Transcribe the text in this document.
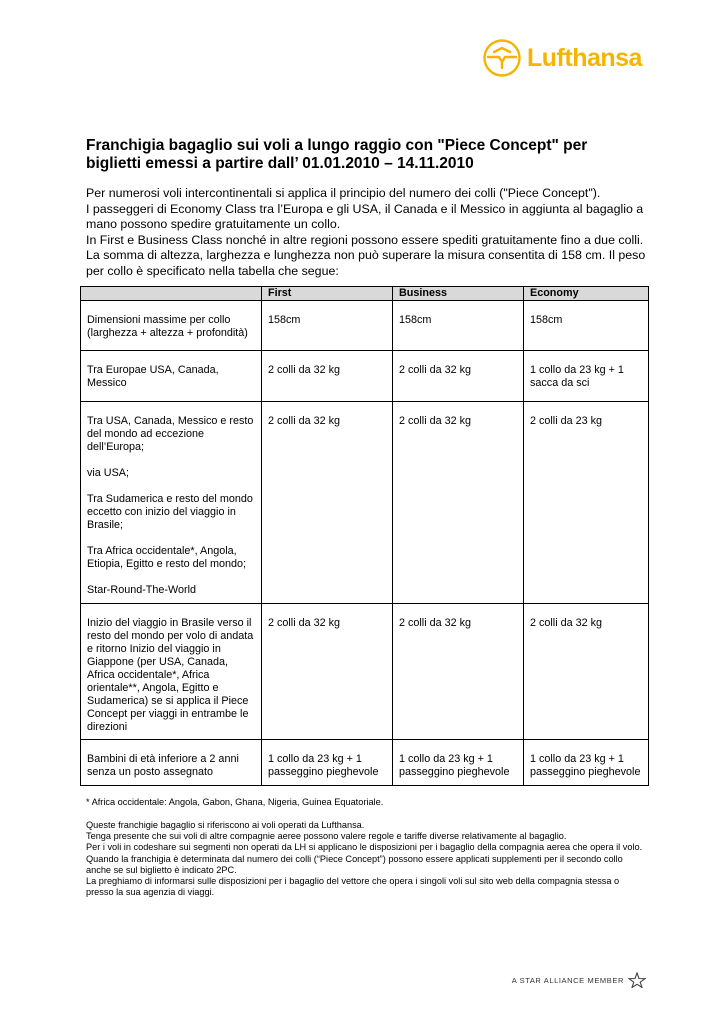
Lufthansa
Franchigia bagaglio sui voli a lungo raggio con "Piece Concept" per biglietti emessi a partire dall’ 01.01.2010 – 14.11.2010

Per numerosi voli intercontinentali si applica il principio del numero dei colli ("Piece Concept").

I passeggeri di Economy Class tra l’Europa e gli USA, il Canada e il Messico in aggiunta al bagaglio a mano possono spedire gratuitamente un collo.

In First e Business Class nonché in altre regioni possono essere spediti gratuitamente fino a due colli. La somma di altezza, larghezza e lunghezza non può superare la misura consentita di 158 cm. Il peso per collo è specificato nella tabella che segue:

	First	Business	Economy

Dimensioni massime per collo (larghezza + altezza + profondità)	158cm	158cm	158cm

Tra Europae USA, Canada, Messico	2 colli da 32 kg	2 colli da 32 kg	1 collo da 23 kg + 1 sacca da sci

Tra USA, Canada, Messico e resto del mondo ad eccezione dell’Europa;
via USA;
Tra Sudamerica e resto del mondo eccetto con inizio del viaggio in Brasile;
Tra Africa occidentale*, Angola, Etiopia, Egitto e resto del mondo;
Star-Round-The-World	2 colli da 32 kg	2 colli da 32 kg	2 colli da 23 kg

Inizio del viaggio in Brasile verso il resto del mondo per volo di andata e ritorno Inizio del viaggio in Giappone (per USA, Canada, Africa occidentale*, Africa orientale**, Angola, Egitto e Sudamerica) se si applica il Piece Concept per viaggi in entrambe le direzioni	2 colli da 32 kg	2 colli da 32 kg	2 colli da 32 kg

Bambini di età inferiore a 2 anni senza un posto assegnato	1 collo da 23 kg + 1 passeggino pieghevole	1 collo da 23 kg + 1 passeggino pieghevole	1 collo da 23 kg + 1 passeggino pieghevole
* Africa occidentale: Angola, Gabon, Ghana, Nigeria, Guinea Equatoriale.

Queste franchigie bagaglio si riferiscono ai voli operati da Lufthansa.

Tenga presente che sui voli di altre compagnie aeree possono valere regole e tariffe diverse relativamente al bagaglio.

Per i voli in codeshare sui segmenti non operati da LH si applicano le disposizioni per i bagaglio della compagnia aerea che opera il volo.

Quando la franchigia è determinata dal numero dei colli (“Piece Concept”) possono essere applicati supplementi per il secondo collo anche se sul biglietto è indicato 2PC.

La preghiamo di informarsi sulle disposizioni per i bagaglio del vettore che opera i singoli voli sul sito web della compagnia stessa o presso la sua agenzia di viaggi.

A STAR ALLIANCE MEMBER
